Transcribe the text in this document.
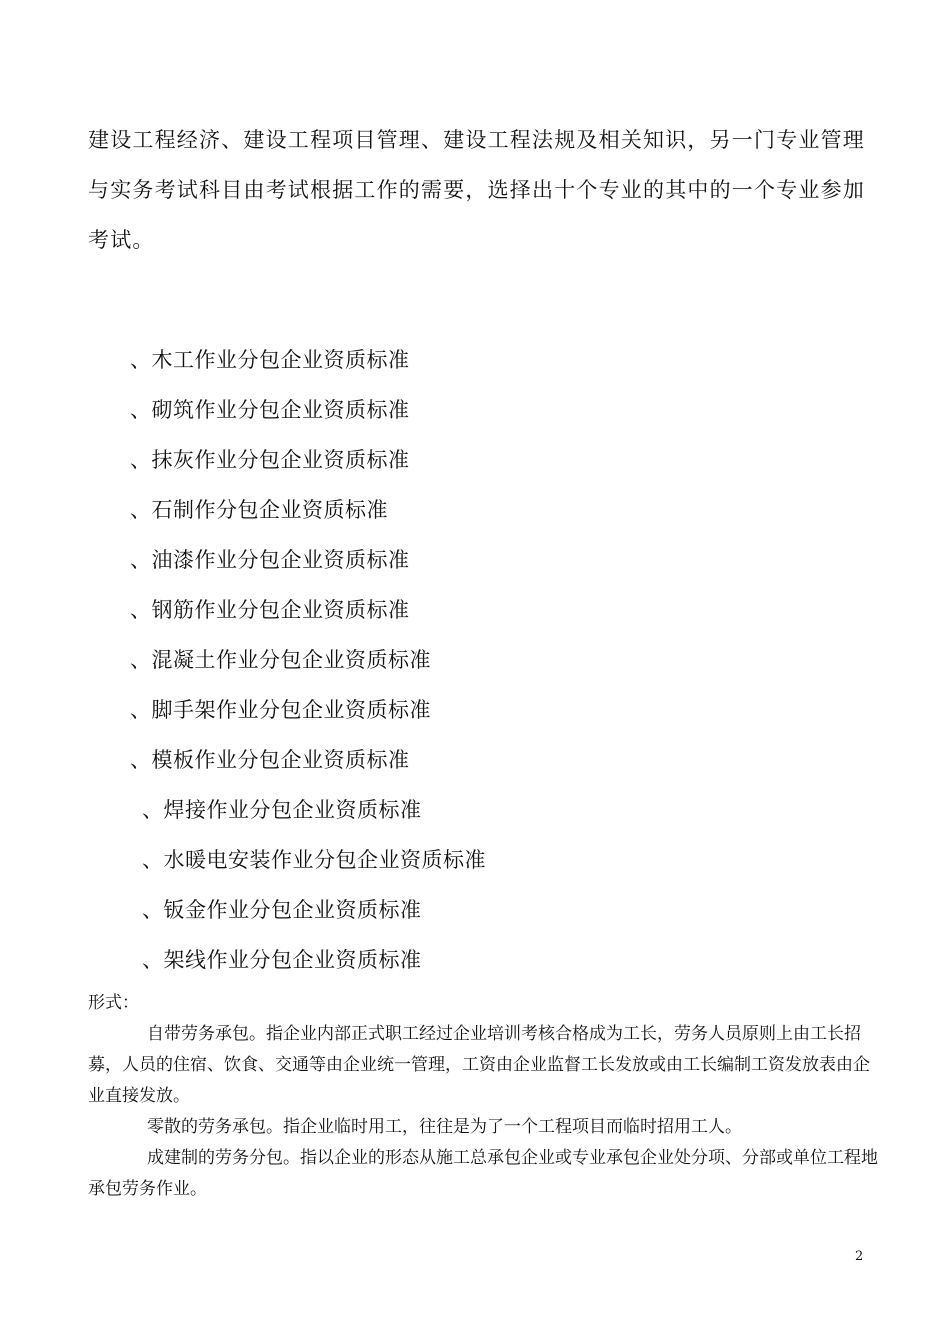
建设工程经济、建设工程项目管理、建设工程法规及相关知识，另一门专业管理与实务考试科目由考试根据工作的需要，选择出十个专业的其中的一个专业参加考试。

、木工作业分包企业资质标准
、砌筑作业分包企业资质标准
、抹灰作业分包企业资质标准
、石制作分包企业资质标准
、油漆作业分包企业资质标准
、钢筋作业分包企业资质标准
、混凝土作业分包企业资质标准
、脚手架作业分包企业资质标准
、模板作业分包企业资质标准
、焊接作业分包企业资质标准
、水暖电安装作业分包企业资质标准
、钣金作业分包企业资质标准
、架线作业分包企业资质标准

形式：

自带劳务承包。指企业内部正式职工经过企业培训考核合格成为工长，劳务人员原则上由工长招募，人员的住宿、饮食、交通等由企业统一管理，工资由企业监督工长发放或由工长编制工资发放表由企业直接发放。

零散的劳务承包。指企业临时用工，往往是为了一个工程项目而临时招用工人。

成建制的劳务分包。指以企业的形态从施工总承包企业或专业承包企业处分项、分部或单位工程地承包劳务作业。

2
